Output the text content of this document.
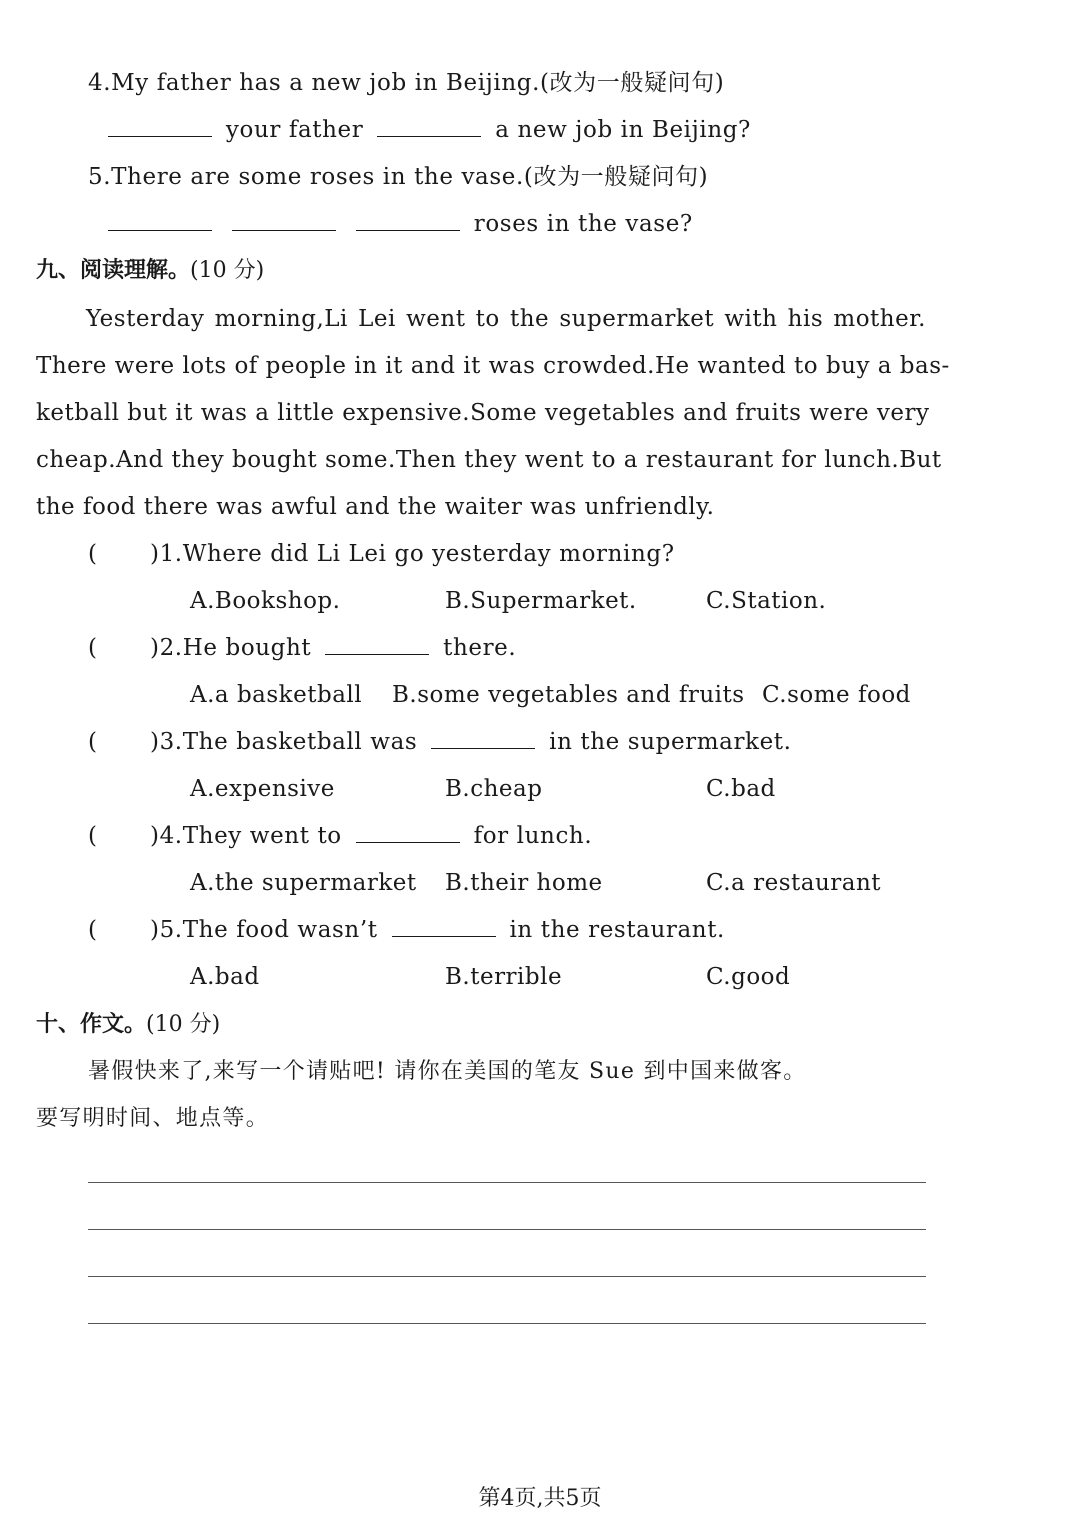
4.My father has a new job in Beijing.(改为一般疑问句)
your father	a new job in Beijing?
5.There are some roses in the vase.(改为一般疑问句)
roses in the vase?
九、阅读理解。(10 分)
Yesterday morning,Li Lei went to the supermarket with his mother.
There were lots of people in it and it was crowded.He wanted to buy a bas-
ketball but it was a little expensive.Some vegetables and fruits were very
cheap.And they bought some.Then they went to a restaurant for lunch.But
the food there was awful and the waiter was unfriendly.
( )1.Where did Li Lei go yesterday morning?
A.Bookshop.	B.Supermarket.	C.Station.
( )2.He bought	there.
A.a basketball B.some vegetables and fruits C.some food
( )3.The basketball was	in the supermarket.
A.expensive	B.cheap	C.bad
( )4.They went to	for lunch.
A.the supermarket B.their home	C.a restaurant
( )5.The food wasn’t	in the restaurant.
A.bad	B.terrible	C.good
十、作文。(10 分)
暑假快来了,来写一个请贴吧! 请你在美国的笔友 Sue 到中国来做客。
要写明时间、地点等。
第4页,共5页
